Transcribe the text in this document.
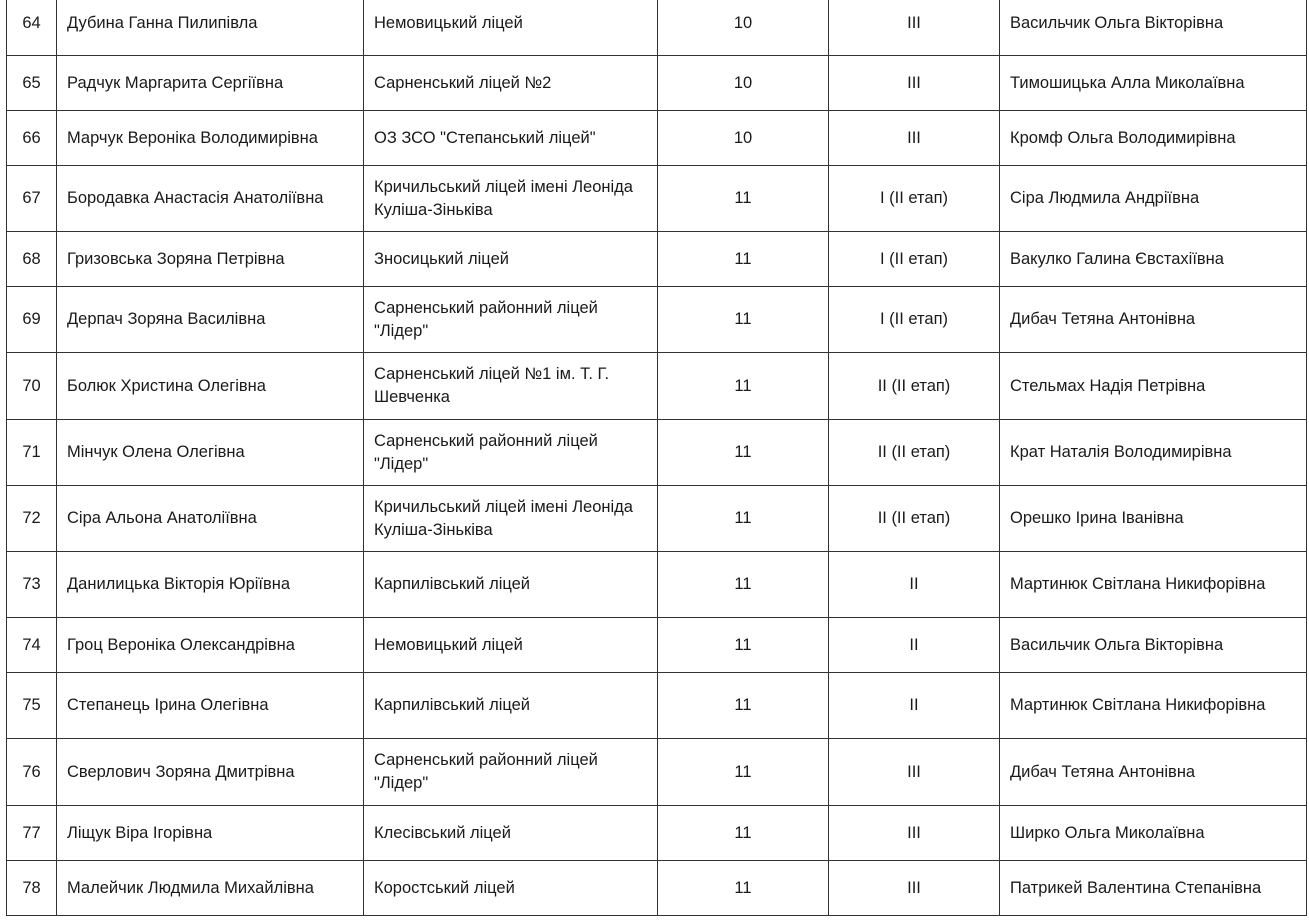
64	Дубина Ганна Пилипівла	Немовицький ліцей	10	III	Васильчик Ольга Вікторівна
65	Радчук Маргарита Сергіївна	Сарненський ліцей №2	10	III	Тимошицька Алла Миколаївна
66	Марчук Вероніка Володимирівна	ОЗ ЗСО "Степанський ліцей"	10	III	Кромф Ольга Володимирівна
67	Бородавка Анастасія Анатоліївна	Кричильський ліцей імені Леоніда Куліша-Зіньківа	11	І (ІІ етап)	Сіра Людмила Андріївна
68	Гризовська Зоряна Петрівна	Зносицький ліцей	11	І (ІІ етап)	Вакулко Галина Євстахіївна
69	Дерпач Зоряна Василівна	Сарненський районний ліцей "Лідер"	11	І (ІІ етап)	Дибач Тетяна Антонівна
70	Болюк Христина Олегівна	Сарненський ліцей №1 ім. Т. Г. Шевченка	11	ІІ (ІІ етап)	Стельмах Надія Петрівна
71	Мінчук Олена Олегівна	Сарненський районний ліцей "Лідер"	11	ІІ (ІІ етап)	Крат Наталія Володимирівна
72	Сіра Альона Анатоліївна	Кричильський ліцей імені Леоніда Куліша-Зіньківа	11	ІІ (ІІ етап)	Орешко Ірина Іванівна
73	Данилицька Вікторія Юріївна	Карпилівський ліцей	11	ІІ	Мартинюк Світлана Никифорівна
74	Гроц Вероніка Олександрівна	Немовицький ліцей	11	ІІ	Васильчик Ольга Вікторівна
75	Степанець Ірина Олегівна	Карпилівський ліцей	11	ІІ	Мартинюк Світлана Никифорівна
76	Сверлович Зоряна Дмитрівна	Сарненський районний ліцей "Лідер"	11	ІІІ	Дибач Тетяна Антонівна
77	Ліщук Віра Ігорівна	Клесівський ліцей	11	ІІІ	Ширко Ольга Миколаївна
78	Малейчик Людмила Михайлівна	Коростський ліцей	11	ІІІ	Патрикей Валентина Степанівна
